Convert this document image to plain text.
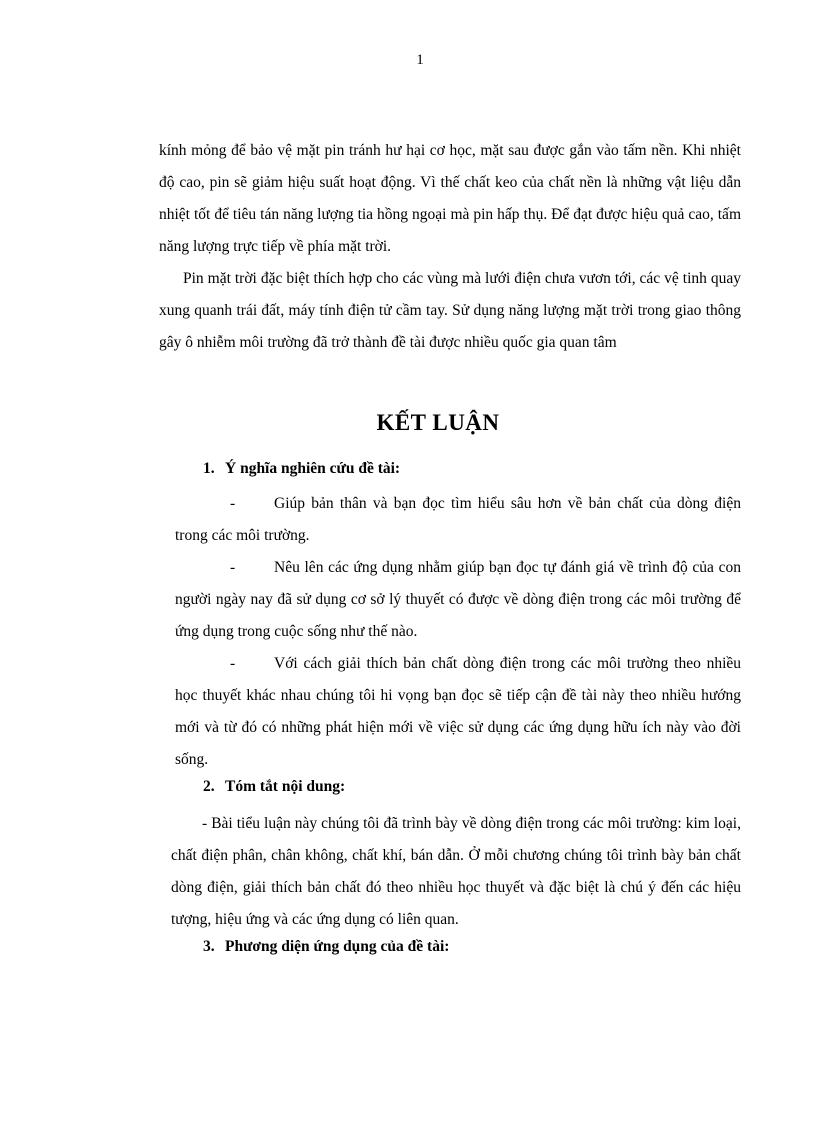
1

kính mỏng để bảo vệ mặt pin tránh hư hại cơ học, mặt sau được gắn vào tấm nền. Khi nhiệt độ cao, pin sẽ giảm hiệu suất hoạt động. Vì thế chất keo của chất nền là những vật liệu dẫn nhiệt tốt để tiêu tán năng lượng tia hồng ngoại mà pin hấp thụ. Để đạt được hiệu quả cao, tấm năng lượng trực tiếp về phía mặt trời.

Pin mặt trời đặc biệt thích hợp cho các vùng mà lưới điện chưa vươn tới, các vệ tinh quay xung quanh trái đất, máy tính điện tử cầm tay. Sử dụng năng lượng mặt trời trong giao thông gây ô nhiễm môi trường đã trở thành đề tài được nhiều quốc gia quan tâm

KẾT LUẬN
1. Ý nghĩa nghiên cứu đề tài:

-	Giúp bản thân và bạn đọc tìm hiểu sâu hơn về bản chất của dòng điện trong các môi trường.

-	Nêu lên các ứng dụng nhằm giúp bạn đọc tự đánh giá về trình độ của con người ngày nay đã sử dụng cơ sở lý thuyết có được về dòng điện trong các môi trường để ứng dụng trong cuộc sống như thế nào.

-	Với cách giải thích bản chất dòng điện trong các môi trường theo nhiều học thuyết khác nhau chúng tôi hi vọng bạn đọc sẽ tiếp cận đề tài này theo nhiều hướng mới và từ đó có những phát hiện mới về việc sử dụng các ứng dụng hữu ích này vào đời sống.

2. Tóm tắt nội dung:

- Bài tiểu luận này chúng tôi đã trình bày về dòng điện trong các môi trường: kim loại, chất điện phân, chân không, chất khí, bán dẫn. Ở mỗi chương chúng tôi trình bày bản chất dòng điện, giải thích bản chất đó theo nhiều học thuyết và đặc biệt là chú ý đến các hiệu tượng, hiệu ứng và các ứng dụng có liên quan.

3. Phương diện ứng dụng của đề tài:
